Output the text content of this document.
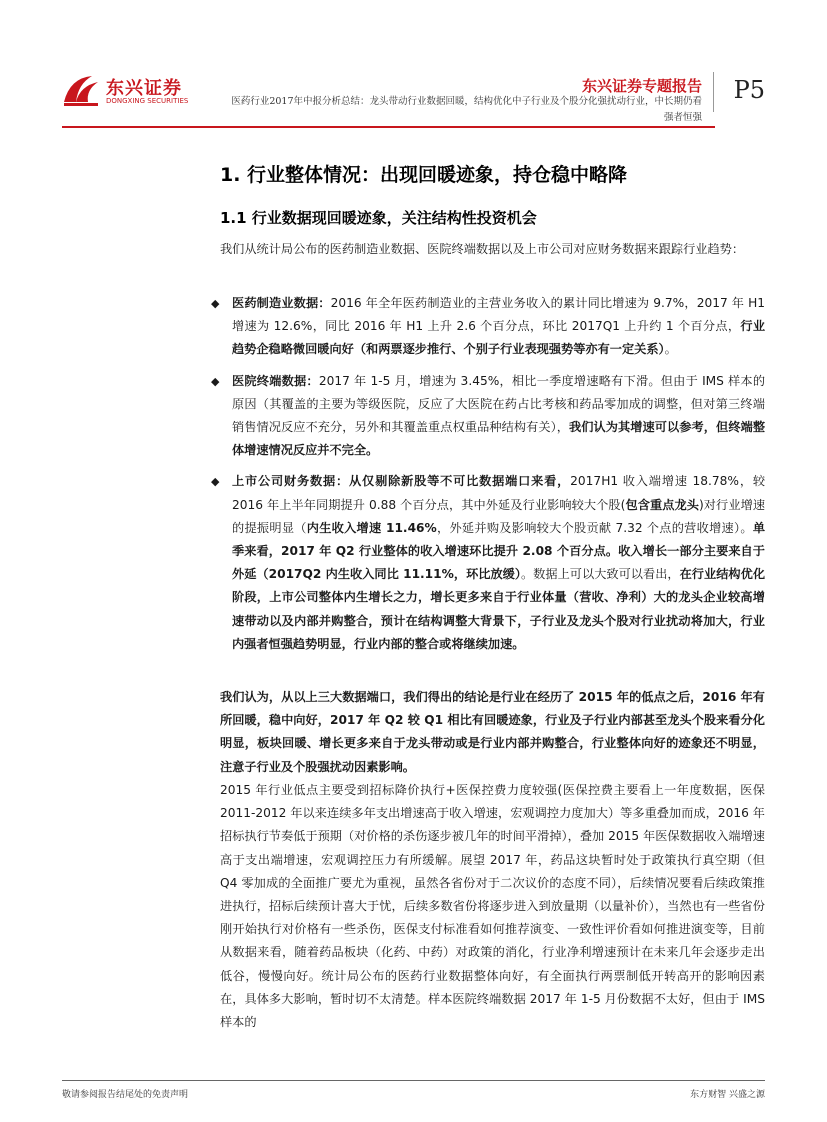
东兴证券
DONGXING SECURITIES
东兴证券专题报告 P5
医药行业2017年中报分析总结：龙头带动行业数据回暖，结构优化中子行业及个股分化强扰动行业，中长期仍看强者恒强
1. 行业整体情况：出现回暖迹象，持仓稳中略降
1.1 行业数据现回暖迹象，关注结构性投资机会

我们从统计局公布的医药制造业数据、医院终端数据以及上市公司对应财务数据来跟踪行业趋势：

◆ 医药制造业数据：2016 年全年医药制造业的主营业务收入的累计同比增速为 9.7%，2017 年 H1 增速为 12.6%，同比 2016 年 H1 上升 2.6 个百分点，环比 2017Q1 上升约 1 个百分点，行业趋势企稳略微回暖向好（和两票逐步推行、个别子行业表现强势等亦有一定关系）。

◆ 医院终端数据：2017 年 1-5 月，增速为 3.45%，相比一季度增速略有下滑。但由于 IMS 样本的原因（其覆盖的主要为等级医院，反应了大医院在药占比考核和药品零加成的调整，但对第三终端销售情况反应不充分，另外和其覆盖重点权重品种结构有关），我们认为其增速可以参考，但终端整体增速情况反应并不完全。

◆ 上市公司财务数据：从仅剔除新股等不可比数据端口来看，2017H1 收入端增速 18.78%，较 2016 年上半年同期提升 0.88 个百分点，其中外延及行业影响较大个股(包含重点龙头)对行业增速的提振明显（内生收入增速 11.46%，外延并购及影响较大个股贡献 7.32 个点的营收增速）。单季来看，2017 年 Q2 行业整体的收入增速环比提升 2.08 个百分点。收入增长一部分主要来自于外延（2017Q2 内生收入同比 11.11%，环比放缓）。数据上可以大致可以看出，在行业结构优化阶段，上市公司整体内生增长之力，增长更多来自于行业体量（营收、净利）大的龙头企业较高增速带动以及内部并购整合，预计在结构调整大背景下，子行业及龙头个股对行业扰动将加大，行业内强者恒强趋势明显，行业内部的整合或将继续加速。

我们认为，从以上三大数据端口，我们得出的结论是行业在经历了 2015 年的低点之后，2016 年有所回暖，稳中向好，2017 年 Q2 较 Q1 相比有回暖迹象，行业及子行业内部甚至龙头个股来看分化明显，板块回暖、增长更多来自于龙头带动或是行业内部并购整合，行业整体向好的迹象还不明显，注意子行业及个股强扰动因素影响。

2015 年行业低点主要受到招标降价执行+医保控费力度较强(医保控费主要看上一年度数据，医保 2011-2012 年以来连续多年支出增速高于收入增速，宏观调控力度加大）等多重叠加而成，2016 年招标执行节奏低于预期（对价格的杀伤逐步被几年的时间平滑掉），叠加 2015 年医保数据收入端增速高于支出端增速，宏观调控压力有所缓解。展望 2017 年，药品这块暂时处于政策执行真空期（但 Q4 零加成的全面推广要尤为重视，虽然各省份对于二次议价的态度不同），后续情况要看后续政策推进执行，招标后续预计喜大于忧，后续多数省份将逐步进入到放量期（以量补价），当然也有一些省份刚开始执行对价格有一些杀伤，医保支付标准看如何推荐演变、一致性评价看如何推进演变等，目前从数据来看，随着药品板块（化药、中药）对政策的消化，行业净利增速预计在未来几年会逐步走出低谷，慢慢向好。统计局公布的医药行业数据整体向好，有全面执行两票制低开转高开的影响因素在，具体多大影响，暂时切不太清楚。样本医院终端数据 2017 年 1-5 月份数据不太好，但由于 IMS 样本的

敬请参阅报告结尾处的免责声明	东方财智 兴盛之源
